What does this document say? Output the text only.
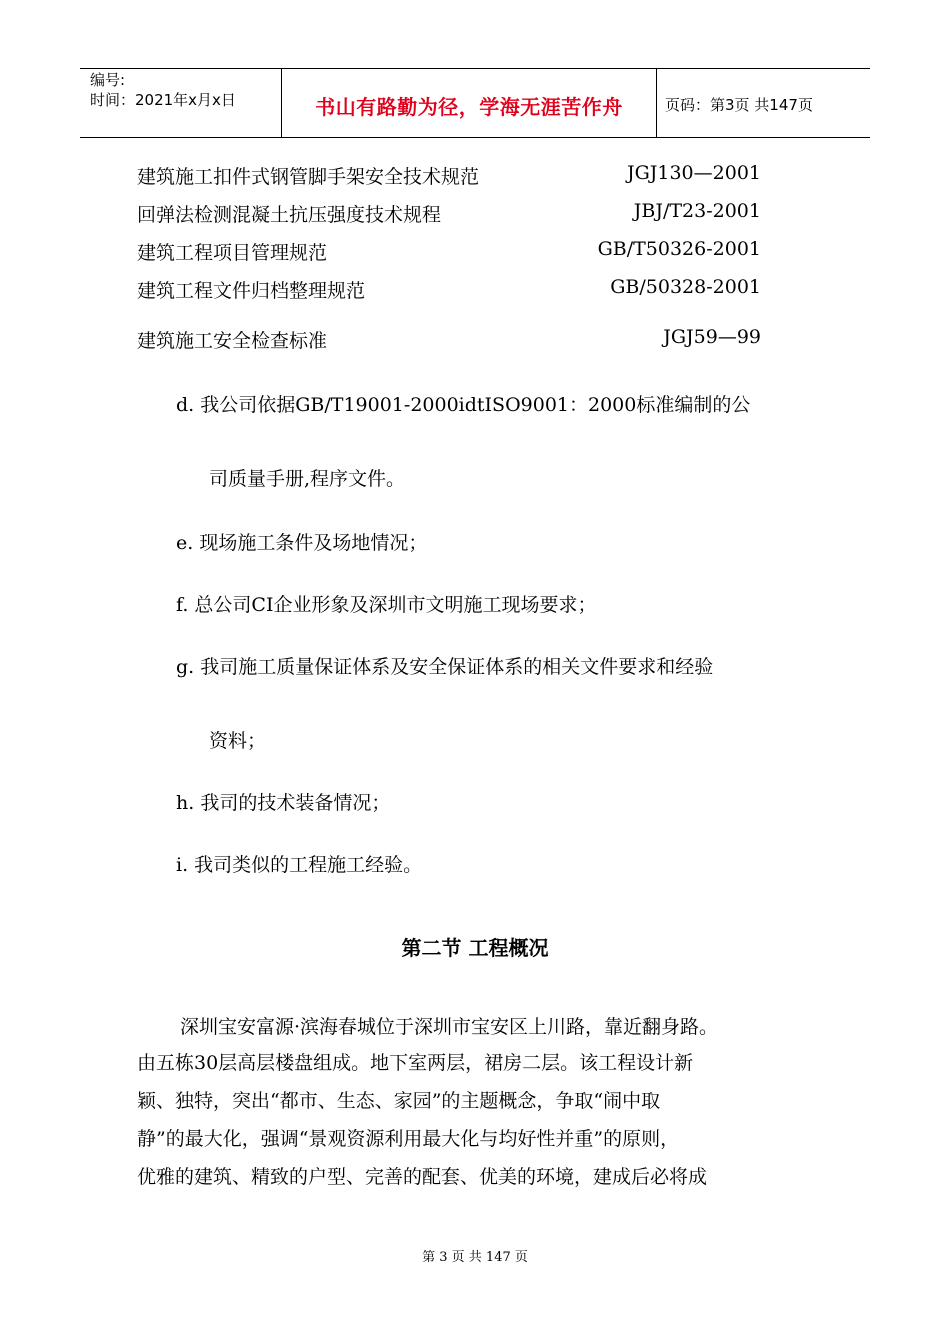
编号:
时间：2021年x月x日	书山有路勤为径，学海无涯苦作舟	页码：第3页 共147页
建筑施工扣件式钢管脚手架安全技术规范	JGJ130—2001
回弹法检测混凝土抗压强度技术规程	JBJ/T23-2001
建筑工程项目管理规范	GB/T50326-2001
建筑工程文件归档整理规范	GB/50328-2001
建筑施工安全检查标准	JGJ59—99
d. 我公司依据GB/T19001-2000idtISO9001：2000标准编制的公
司质量手册,程序文件。
e. 现场施工条件及场地情况；
f. 总公司CI企业形象及深圳市文明施工现场要求；
g. 我司施工质量保证体系及安全保证体系的相关文件要求和经验
资料；
h. 我司的技术装备情况；
i. 我司类似的工程施工经验。
第二节 工程概况
深圳宝安富源·滨海春城位于深圳市宝安区上川路，靠近翻身路。
由五栋30层高层楼盘组成。地下室两层，裙房二层。该工程设计新
颖、独特，突出“都市、生态、家园”的主题概念，争取“闹中取
静”的最大化，强调“景观资源利用最大化与均好性并重”的原则，
优雅的建筑、精致的户型、完善的配套、优美的环境，建成后必将成
第 3 页 共 147 页
